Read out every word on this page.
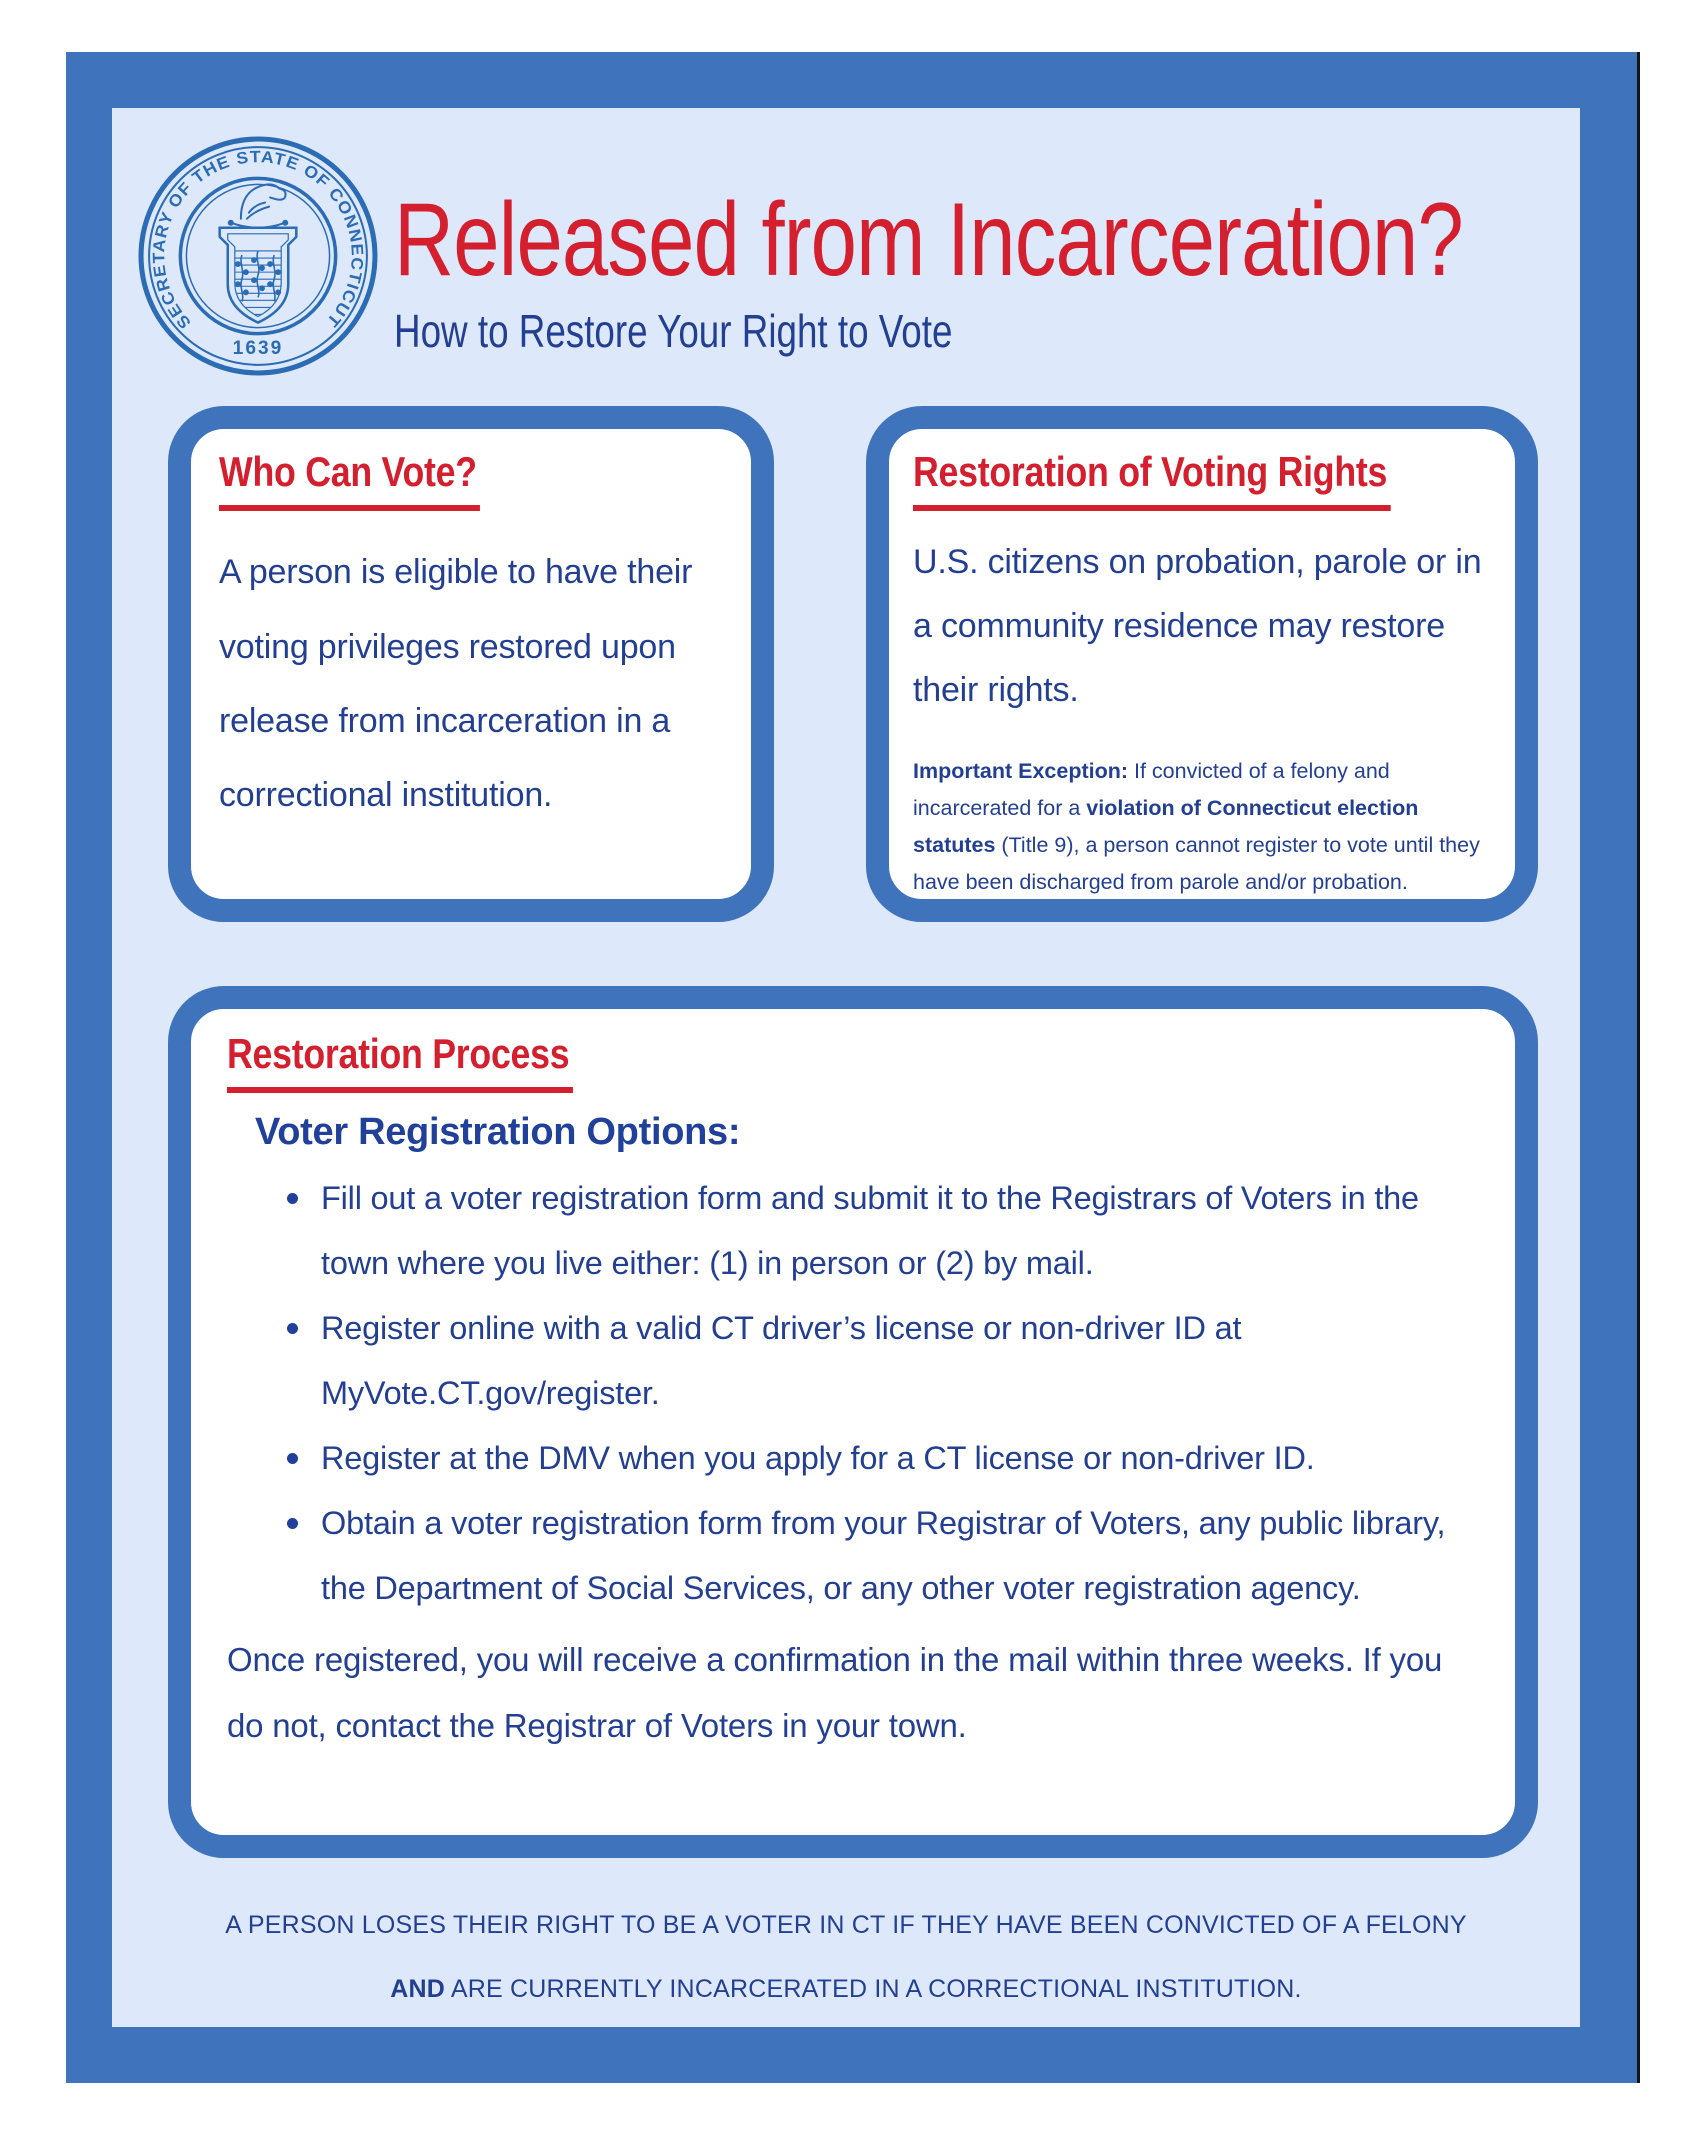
SECRETARY OF THE STATE OF CONNECTICUT
1639
Released from Incarceration?
How to Restore Your Right to Vote
Who Can Vote?

A person is eligible to have their voting privileges restored upon release from incarceration in a correctional institution.

Restoration of Voting Rights

U.S. citizens on probation, parole or in a community residence may restore their rights.

Important Exception: If convicted of a felony and incarcerated for a violation of Connecticut election statutes (Title 9), a person cannot register to vote until they have been discharged from parole and/or probation.

Restoration Process
Voter Registration Options:
Fill out a voter registration form and submit it to the Registrars of Voters in the town where you live either: (1) in person or (2) by mail.
Register online with a valid CT driver’s license or non-driver ID at MyVote.CT.gov/register.
Register at the DMV when you apply for a CT license or non-driver ID.
Obtain a voter registration form from your Registrar of Voters, any public library, the Department of Social Services, or any other voter registration agency.

Once registered, you will receive a confirmation in the mail within three weeks. If you do not, contact the Registrar of Voters in your town.

A PERSON LOSES THEIR RIGHT TO BE A VOTER IN CT IF THEY HAVE BEEN CONVICTED OF A FELONY
AND ARE CURRENTLY INCARCERATED IN A CORRECTIONAL INSTITUTION.
